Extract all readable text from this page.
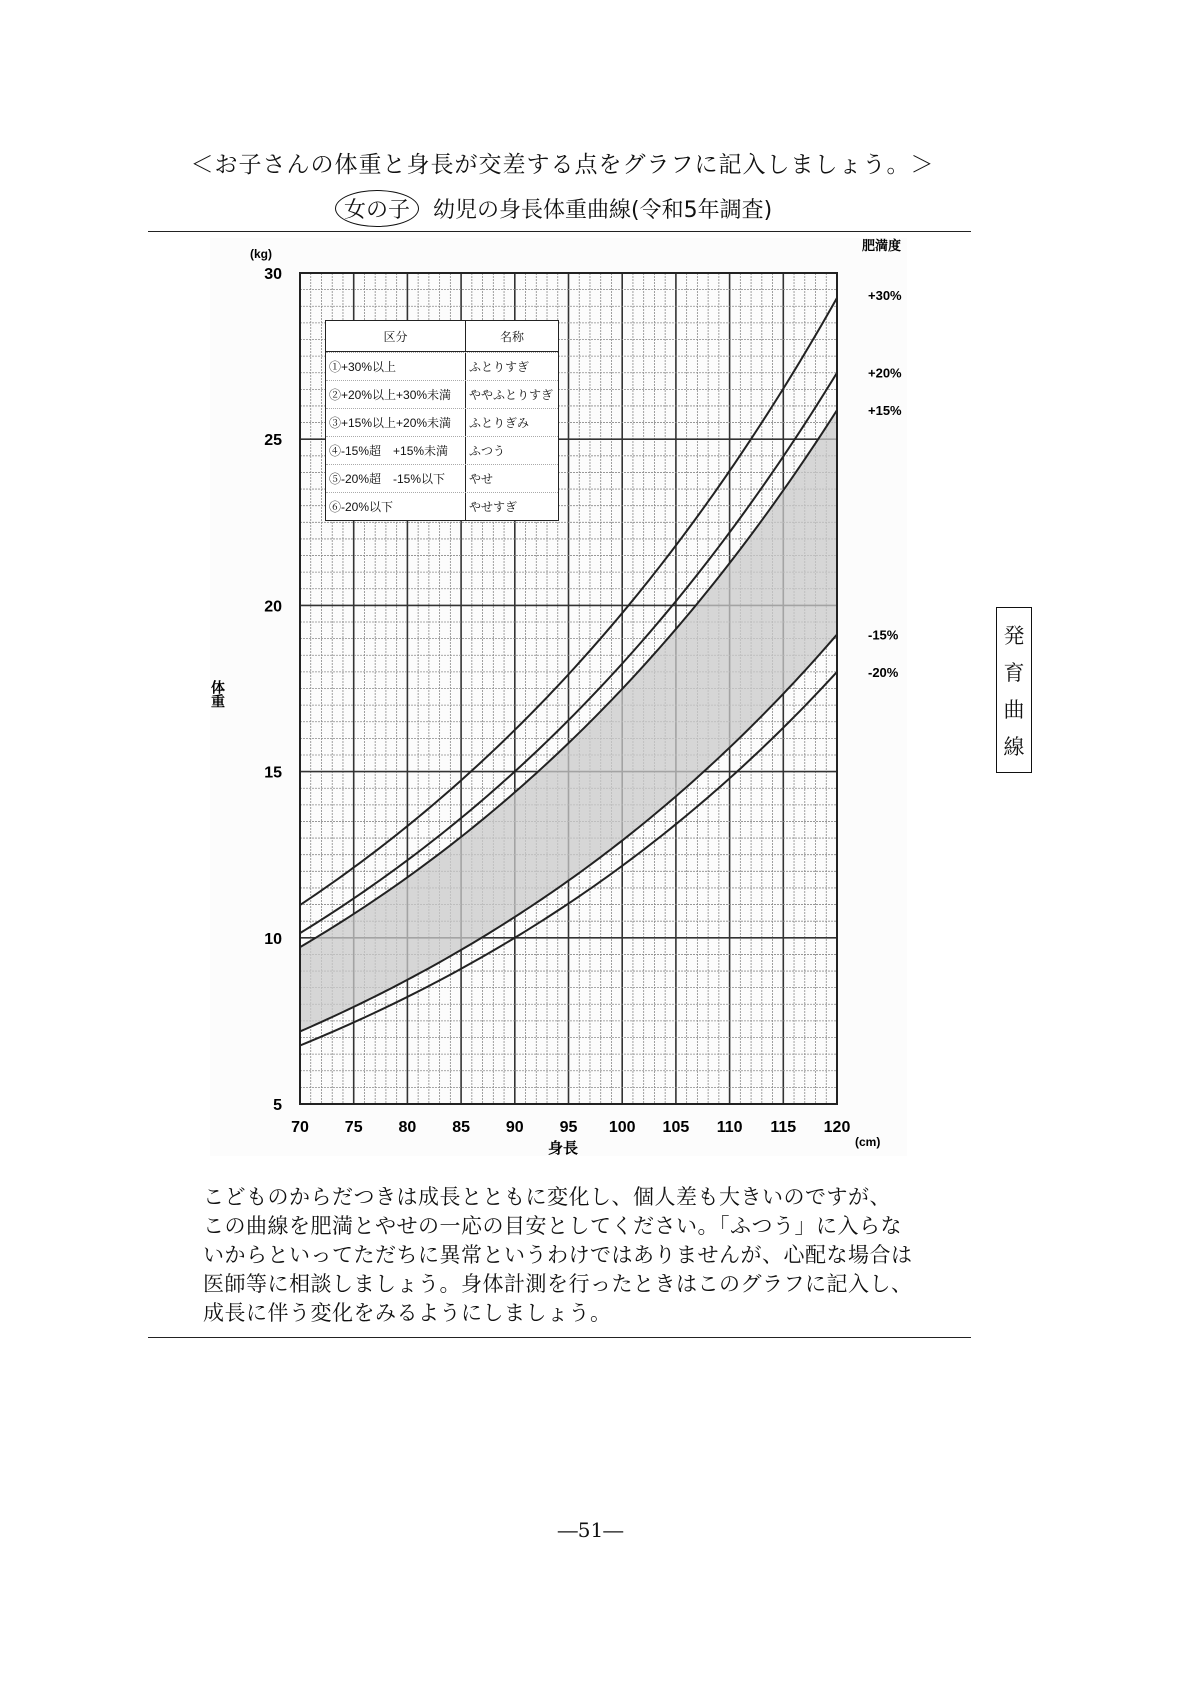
＜お子さんの体重と身長が交差する点をグラフに記入しましょう。＞
女の子	幼児の身長体重曲線(令和5年調査)
+30%
+20%
+15%
-15%
-20%
70 75 80 85 90 95 100 105 110 115 120
5
10
15
20
25
30
(kg)
(cm)
身長
体重
肥満度
区分	名称
①+30%以上	ふとりすぎ
②+20%以上+30%未満	ややふとりすぎ
③+15%以上+20%未満	ふとりぎみ
④-15%超　+15%未満	ふつう
⑤-20%超　-15%以下	やせ
⑥-20%以下	やせすぎ
発
育
曲
線
こどものからだつきは成長とともに変化し、個人差も大きいのですが、
この曲線を肥満とやせの一応の目安としてください。「ふつう」に入らな
いからといってただちに異常というわけではありませんが、心配な場合は
医師等に相談しましょう。身体計測を行ったときはこのグラフに記入し、
成長に伴う変化をみるようにしましょう。
―51―
